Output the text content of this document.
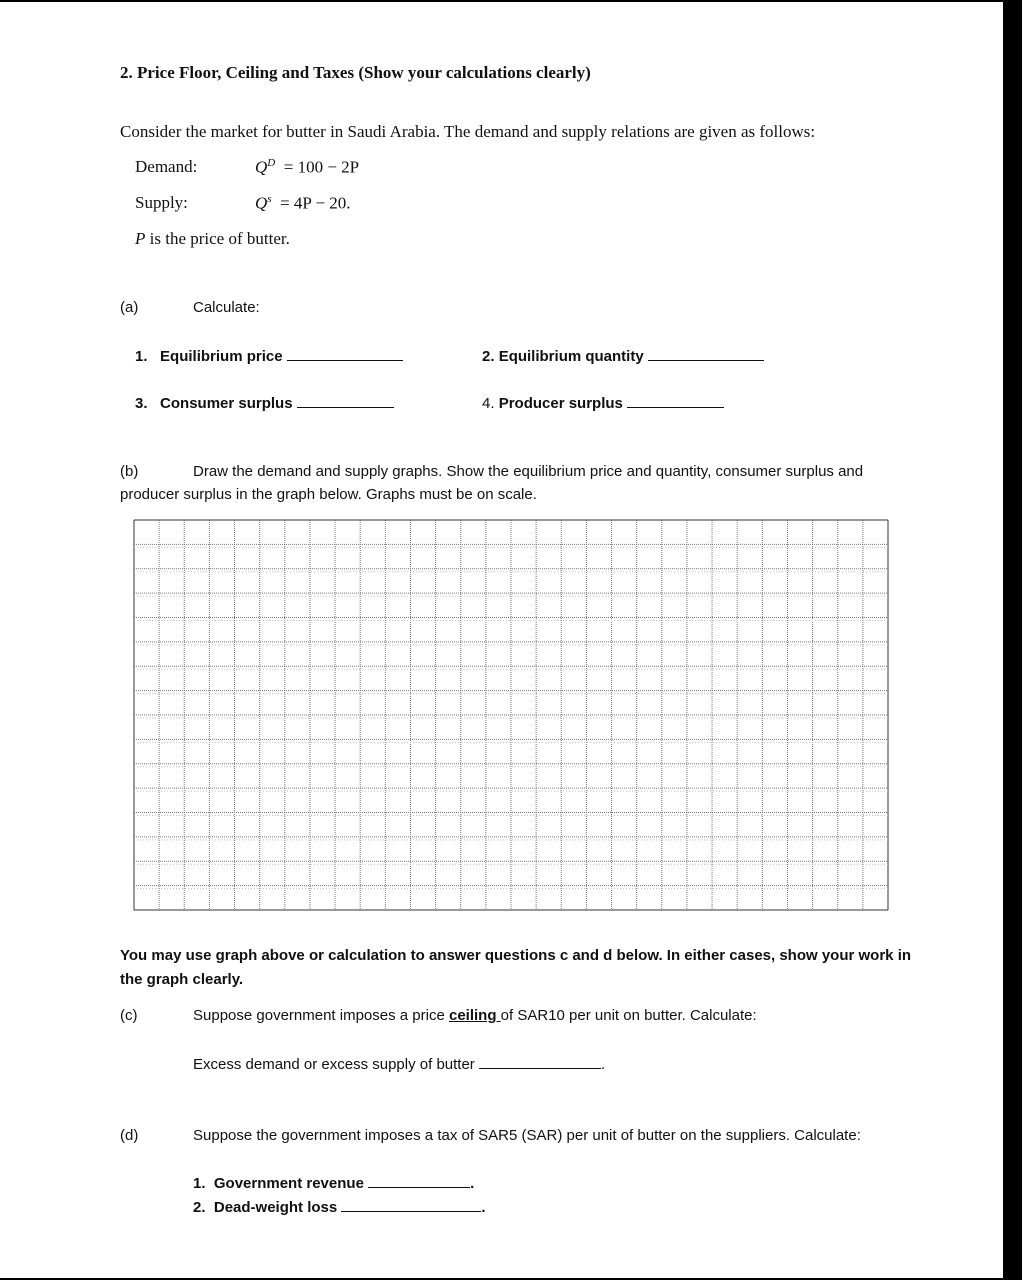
2. Price Floor, Ceiling and Taxes (Show your calculations clearly)
Consider the market for butter in Saudi Arabia. The demand and supply relations are given as follows:
Demand:	$Q^D = 100 - 2P$
Supply:	$Q^s = 4P - 20$.
P is the price of butter.
(a)	Calculate:
1. Equilibrium price	2. Equilibrium quantity
3. Consumer surplus	4. Producer surplus
(b)	Draw the demand and supply graphs. Show the equilibrium price and quantity, consumer surplus and
producer surplus in the graph below. Graphs must be on scale.
You may use graph above or calculation to answer questions c and d below. In either cases, show your work in
the graph clearly.
(c)	Suppose government imposes a price ceiling of SAR10 per unit on butter. Calculate:
Excess demand or excess supply of butter	.
(d)	Suppose the government imposes a tax of SAR5 (SAR) per unit of butter on the suppliers. Calculate:
1. Government revenue	.
2. Dead-weight loss	.
